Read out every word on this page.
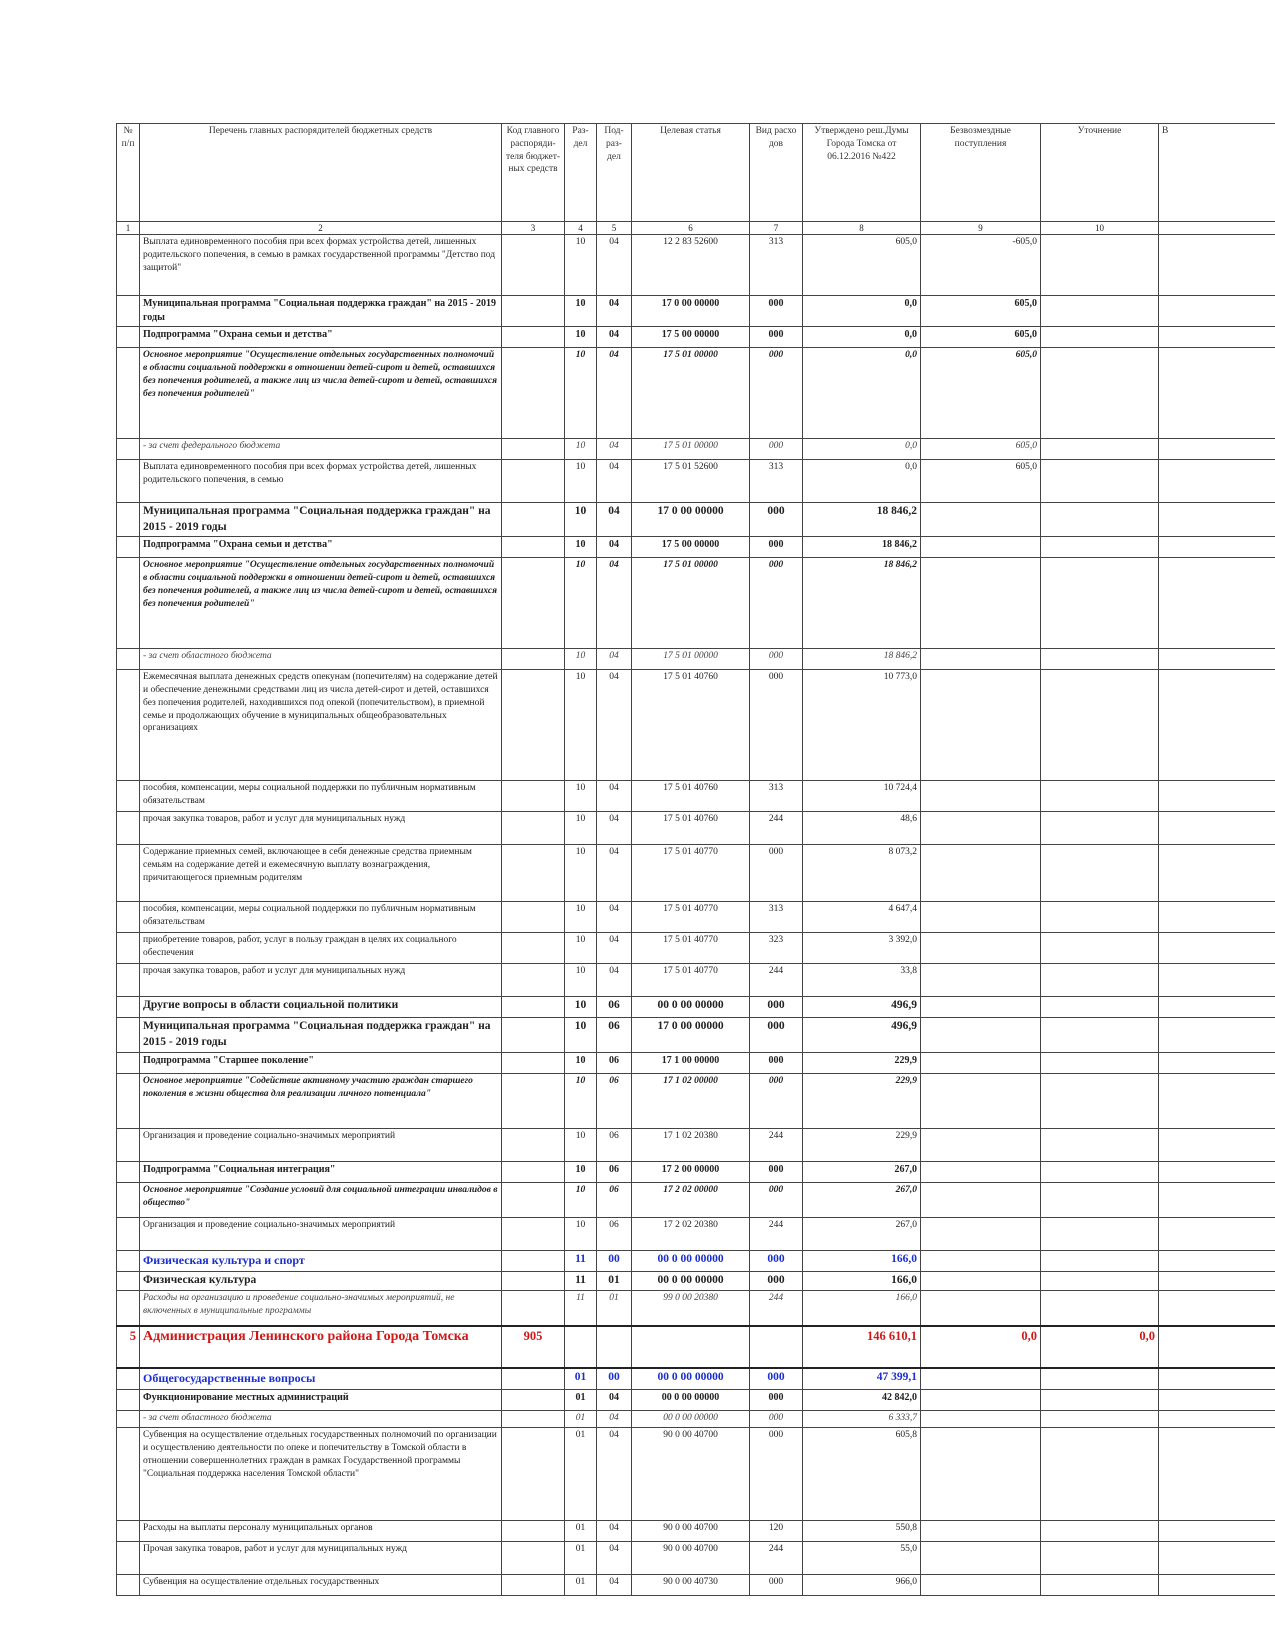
№ п/п	Перечень главных распорядителей бюджетных средств	Код главного распоряди-теля бюджет-ных средств	Раз-дел	Под-раз-дел	Целевая статья	Вид расхо дов	Утверждено реш.Думы Города Томска от 06.12.2016 №422	Безвозмездные поступления	Уточнение	В
1	2	3	4	5	6	7	8	9	10	
	Выплата единовременного пособия при всех формах устройства детей, лишенных родительского попечения, в семью в рамках государственной программы "Детство под защитой"		10	04	12 2 83 52600	313	605,0	-605,0		
	Муниципальная программа "Социальная поддержка граждан" на 2015 - 2019 годы		10	04	17 0 00 00000	000	0,0	605,0		
	Подпрограмма "Охрана семьи и детства"		10	04	17 5 00 00000	000	0,0	605,0		
	Основное мероприятие "Осуществление отдельных государственных полномочий в области социальной поддержки в отношении детей-сирот и детей, оставшихся без попечения родителей, а также лиц из числа детей-сирот и детей, оставшихся без попечения родителей"		10	04	17 5 01 00000	000	0,0	605,0		
	- за счет федерального бюджета		10	04	17 5 01 00000	000	0,0	605,0		
	Выплата единовременного пособия при всех формах устройства детей, лишенных родительского попечения, в семью		10	04	17 5 01 52600	313	0,0	605,0		
	Муниципальная программа "Социальная поддержка граждан" на 2015 - 2019 годы		10	04	17 0 00 00000	000	18 846,2			
	Подпрограмма "Охрана семьи и детства"		10	04	17 5 00 00000	000	18 846,2			
	Основное мероприятие "Осуществление отдельных государственных полномочий в области социальной поддержки в отношении детей-сирот и детей, оставшихся без попечения родителей, а также лиц из числа детей-сирот и детей, оставшихся без попечения родителей"		10	04	17 5 01 00000	000	18 846,2			
	- за счет областного бюджета		10	04	17 5 01 00000	000	18 846,2			
	Ежемесячная выплата денежных средств опекунам (попечителям) на содержание детей и обеспечение денежными средствами лиц из числа детей-сирот и детей, оставшихся без попечения родителей, находившихся под опекой (попечительством), в приемной семье и продолжающих обучение в муниципальных общеобразовательных организациях		10	04	17 5 01 40760	000	10 773,0			
	пособия, компенсации, меры социальной поддержки по публичным нормативным обязательствам		10	04	17 5 01 40760	313	10 724,4			
	прочая закупка товаров, работ и услуг для муниципальных нужд		10	04	17 5 01 40760	244	48,6			
	Содержание приемных семей, включающее в себя денежные средства приемным семьям на содержание детей и ежемесячную выплату вознаграждения, причитающегося приемным родителям		10	04	17 5 01 40770	000	8 073,2			
	пособия, компенсации, меры социальной поддержки по публичным нормативным обязательствам		10	04	17 5 01 40770	313	4 647,4			
	приобретение товаров, работ, услуг в пользу граждан в целях их социального обеспечения		10	04	17 5 01 40770	323	3 392,0			
	прочая закупка товаров, работ и услуг для муниципальных нужд		10	04	17 5 01 40770	244	33,8			
	Другие вопросы в области социальной политики		10	06	00 0 00 00000	000	496,9			
	Муниципальная программа "Социальная поддержка граждан" на 2015 - 2019 годы		10	06	17 0 00 00000	000	496,9			
	Подпрограмма "Старшее поколение"		10	06	17 1 00 00000	000	229,9			
	Основное мероприятие "Содействие активному участию граждан старшего поколения в жизни общества для реализации личного потенциала"		10	06	17 1 02 00000	000	229,9			
	Организация и проведение социально-значимых мероприятий		10	06	17 1 02 20380	244	229,9			
	Подпрограмма "Социальная интеграция"		10	06	17 2 00 00000	000	267,0			
	Основное мероприятие "Создание условий для социальной интеграции инвалидов в общество"		10	06	17 2 02 00000	000	267,0			
	Организация и проведение социально-значимых мероприятий		10	06	17 2 02 20380	244	267,0			
	Физическая культура и спорт		11	00	00 0 00 00000	000	166,0			
	Физическая культура		11	01	00 0 00 00000	000	166,0			
	Расходы на организацию и проведение социально-значимых мероприятий, не включенных в муниципальные программы		11	01	99 0 00 20380	244	166,0			
5	Администрация Ленинского района Города Томска	905					146 610,1	0,0	0,0	
	Общегосударственные вопросы		01	00	00 0 00 00000	000	47 399,1			
	Функционирование местных администраций		01	04	00 0 00 00000	000	42 842,0			
	- за счет областного бюджета		01	04	00 0 00 00000	000	6 333,7			
	Субвенция на осуществление отдельных государственных полномочий по организации и осуществлению деятельности по опеке и попечительству в Томской области в отношении совершеннолетних граждан в рамках Государственной программы "Социальная поддержка населения Томской области"		01	04	90 0 00 40700	000	605,8			
	Расходы на выплаты персоналу муниципальных органов		01	04	90 0 00 40700	120	550,8			
	Прочая закупка товаров, работ и услуг для муниципальных нужд		01	04	90 0 00 40700	244	55,0			
	Субвенция на осуществление отдельных государственных		01	04	90 0 00 40730	000	966,0			
